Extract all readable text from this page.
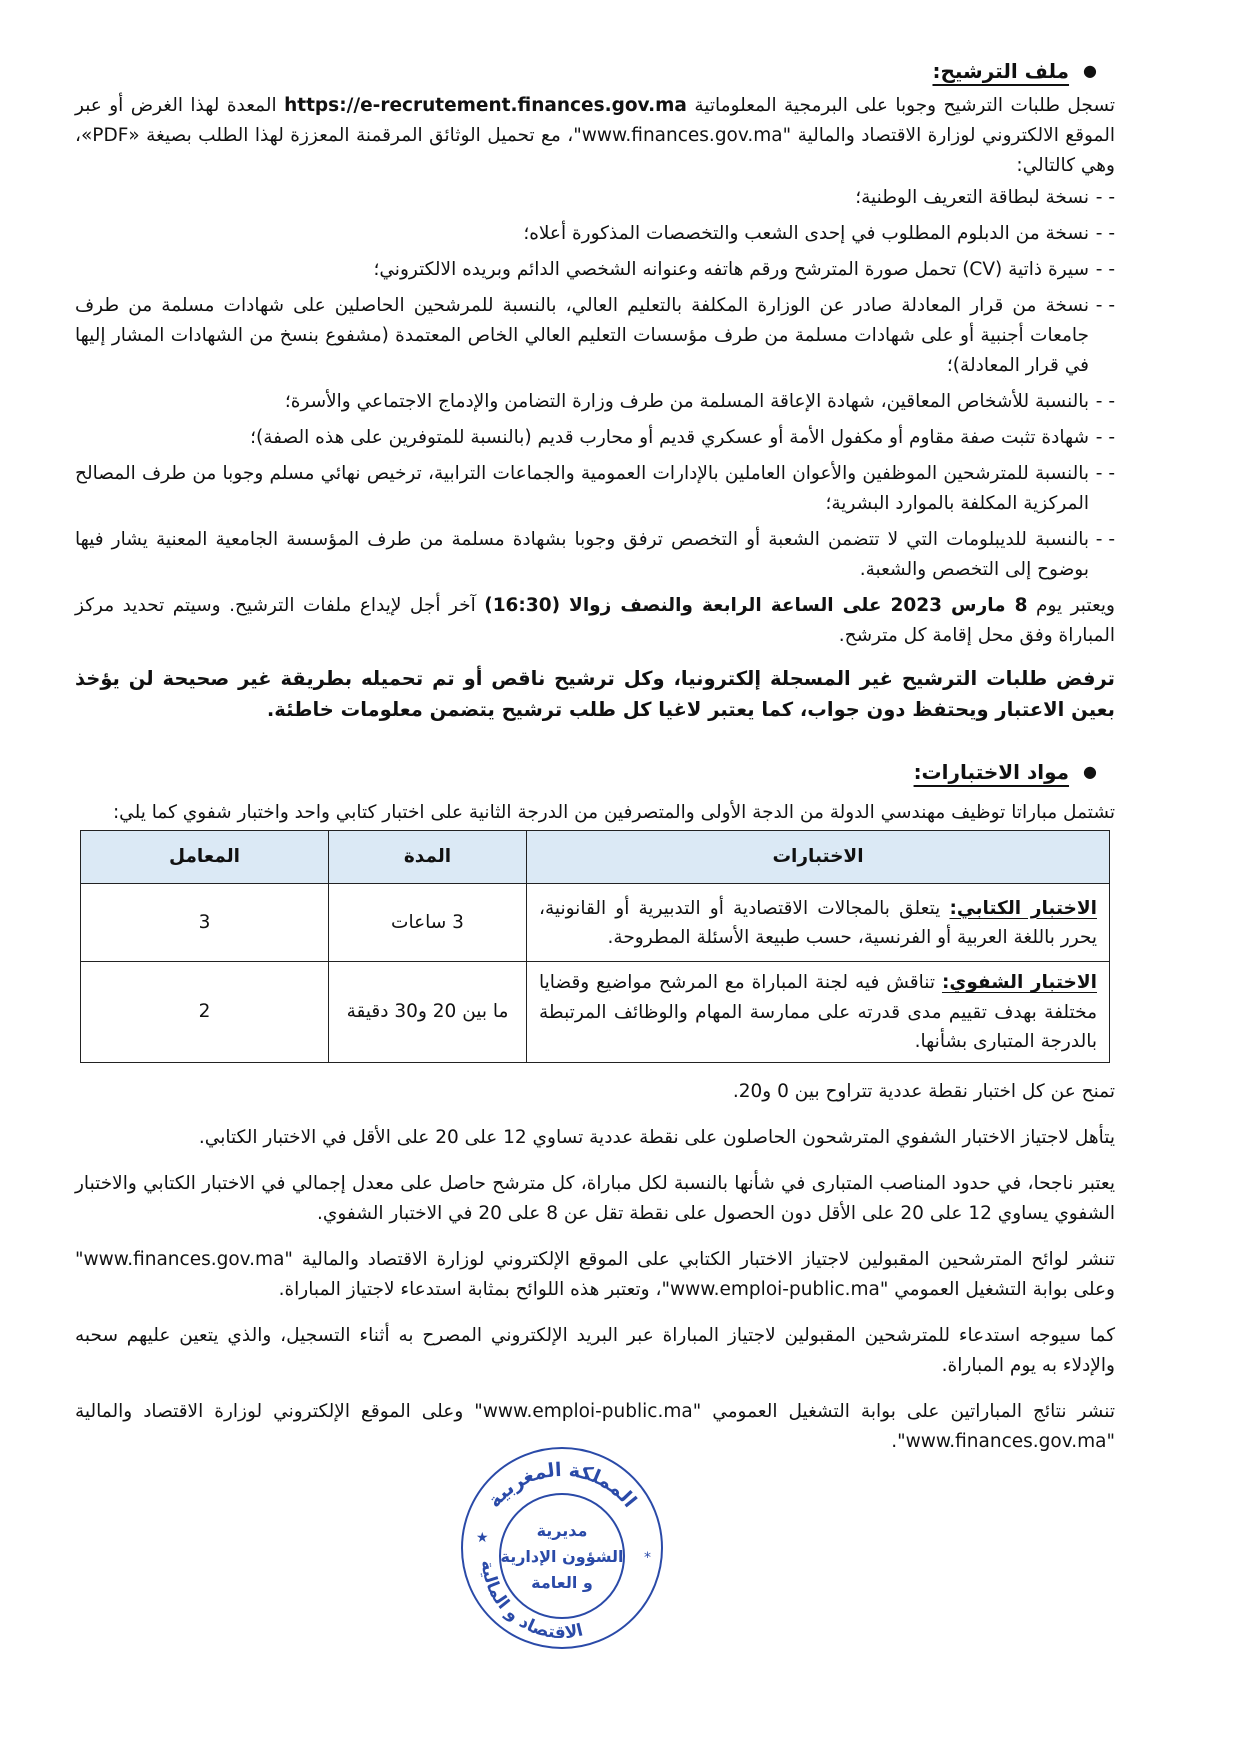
●
ملف الترشيح:

تسجل طلبات الترشيح وجوبا على البرمجية المعلوماتية https://e-recrutement.finances.gov.ma المعدة لهذا الغرض أو عبر الموقع الالكتروني لوزارة الاقتصاد والمالية "www.finances.gov.ma"، مع تحميل الوثائق المرقمنة المعززة لهذا الطلب بصيغة «PDF»، وهي كالتالي:

- -
نسخة لبطاقة التعريف الوطنية؛
- -
نسخة من الدبلوم المطلوب في إحدى الشعب والتخصصات المذكورة أعلاه؛
- -
سيرة ذاتية (CV) تحمل صورة المترشح ورقم هاتفه وعنوانه الشخصي الدائم وبريده الالكتروني؛
- -
نسخة من قرار المعادلة صادر عن الوزارة المكلفة بالتعليم العالي، بالنسبة للمرشحين الحاصلين على شهادات مسلمة من طرف جامعات أجنبية أو على شهادات مسلمة من طرف مؤسسات التعليم العالي الخاص المعتمدة (مشفوع بنسخ من الشهادات المشار إليها في قرار المعادلة)؛
- -
بالنسبة للأشخاص المعاقين، شهادة الإعاقة المسلمة من طرف وزارة التضامن والإدماج الاجتماعي والأسرة؛
- -
شهادة تثبت صفة مقاوم أو مكفول الأمة أو عسكري قديم أو محارب قديم (بالنسبة للمتوفرين على هذه الصفة)؛
- -
بالنسبة للمترشحين الموظفين والأعوان العاملين بالإدارات العمومية والجماعات الترابية، ترخيص نهائي مسلم وجوبا من طرف المصالح المركزية المكلفة بالموارد البشرية؛
- -
بالنسبة للديبلومات التي لا تتضمن الشعبة أو التخصص ترفق وجوبا بشهادة مسلمة من طرف المؤسسة الجامعية المعنية يشار فيها بوضوح إلى التخصص والشعبة.

ويعتبر يوم 8 مارس 2023 على الساعة الرابعة والنصف زوالا (16:30) آخر أجل لإيداع ملفات الترشيح. وسيتم تحديد مركز المباراة وفق محل إقامة كل مترشح.

ترفض طلبات الترشيح غير المسجلة إلكترونيا، وكل ترشيح ناقص أو تم تحميله بطريقة غير صحيحة لن يؤخذ بعين الاعتبار ويحتفظ دون جواب، كما يعتبر لاغيا كل طلب ترشيح يتضمن معلومات خاطئة.

●
مواد الاختبارات:

تشتمل مباراتا توظيف مهندسي الدولة من الدجة الأولى والمتصرفين من الدرجة الثانية على اختبار كتابي واحد واختبار شفوي كما يلي:

الاختبارات	المدة	المعامل
الاختبار الكتابي: يتعلق بالمجالات الاقتصادية أو التدبيرية أو القانونية، يحرر باللغة العربية أو الفرنسية، حسب طبيعة الأسئلة المطروحة.	3 ساعات	3
الاختبار الشفوي: تناقش فيه لجنة المباراة مع المرشح مواضيع وقضايا مختلفة بهدف تقييم مدى قدرته على ممارسة المهام والوظائف المرتبطة بالدرجة المتبارى بشأنها.	ما بين 20 و30 دقيقة	2

تمنح عن كل اختبار نقطة عددية تتراوح بين 0 و20.

يتأهل لاجتياز الاختبار الشفوي المترشحون الحاصلون على نقطة عددية تساوي 12 على 20 على الأقل في الاختبار الكتابي.

يعتبر ناجحا، في حدود المناصب المتبارى في شأنها بالنسبة لكل مباراة، كل مترشح حاصل على معدل إجمالي في الاختبار الكتابي والاختبار الشفوي يساوي 12 على 20 على الأقل دون الحصول على نقطة تقل عن 8 على 20 في الاختبار الشفوي.

تنشر لوائح المترشحين المقبولين لاجتياز الاختبار الكتابي على الموقع الإلكتروني لوزارة الاقتصاد والمالية "www.finances.gov.ma" وعلى بوابة التشغيل العمومي "www.emploi-public.ma"، وتعتبر هذه اللوائح بمثابة استدعاء لاجتياز المباراة.

كما سيوجه استدعاء للمترشحين المقبولين لاجتياز المباراة عبر البريد الإلكتروني المصرح به أثناء التسجيل، والذي يتعين عليهم سحبه والإدلاء به يوم المباراة.

تنشر نتائج المباراتين على بوابة التشغيل العمومي "www.emploi-public.ma" وعلى الموقع الإلكتروني لوزارة الاقتصاد والمالية "www.finances.gov.ma".

المملكة المغربية
الاقتصاد و المالية
★
*
مديرية
الشؤون الإدارية
و العامة
